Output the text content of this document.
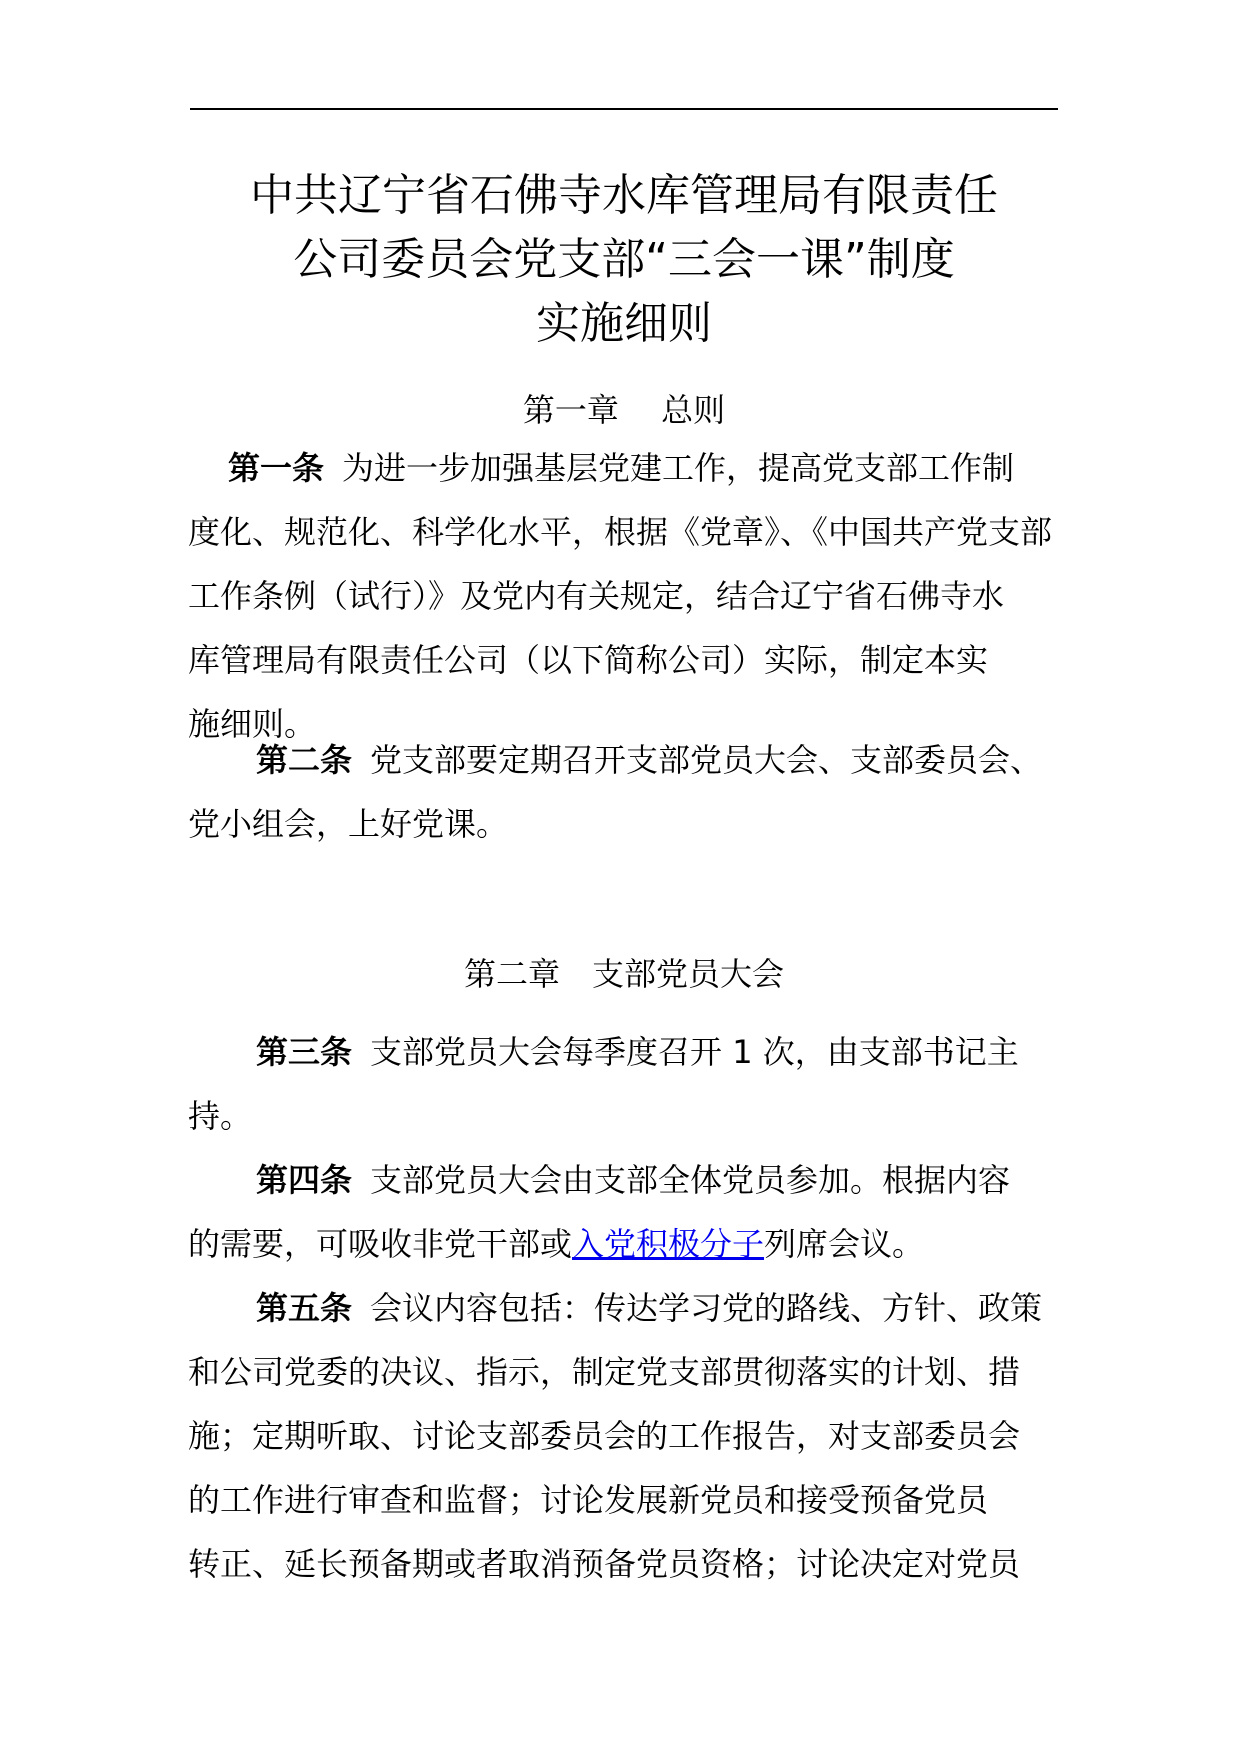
中共辽宁省石佛寺水库管理局有限责任
公司委员会党支部“三会一课”制度
实施细则
第一章　 总则
第一条 为进一步加强基层党建工作，提高党支部工作制
度化、规范化、科学化水平，根据《党章》、《中国共产党支部
工作条例（试行）》及党内有关规定，结合辽宁省石佛寺水
库管理局有限责任公司（以下简称公司）实际，制定本实
施细则。
第二条 党支部要定期召开支部党员大会、支部委员会、
党小组会，上好党课。
第二章　支部党员大会
第三条 支部党员大会每季度召开 1 次，由支部书记主
持。
第四条 支部党员大会由支部全体党员参加。根据内容
的需要，可吸收非党干部或入党积极分子列席会议。
第五条 会议内容包括：传达学习党的路线、方针、政策
和公司党委的决议、指示，制定党支部贯彻落实的计划、措
施；定期听取、讨论支部委员会的工作报告，对支部委员会
的工作进行审查和监督；讨论发展新党员和接受预备党员
转正、延长预备期或者取消预备党员资格；讨论决定对党员
